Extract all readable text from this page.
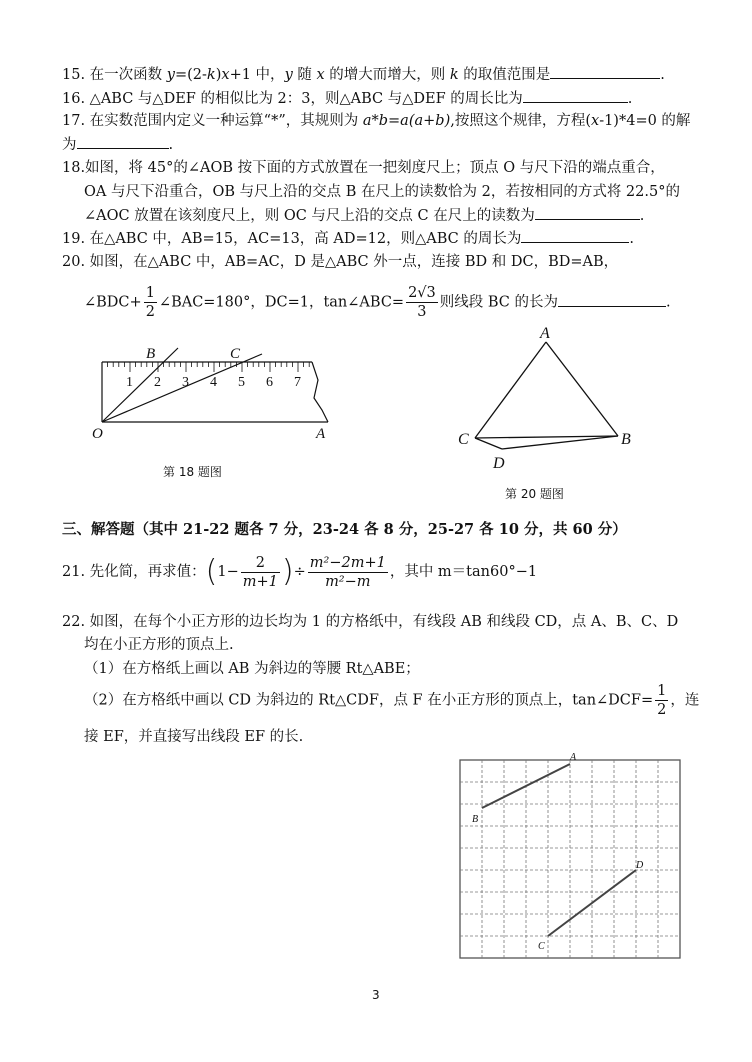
15. 在一次函数 y=(2-k)x+1 中，y 随 x 的增大而增大，则 k 的取值范围是	.
16. △ABC 与△DEF 的相似比为 2：3，则△ABC 与△DEF 的周长比为	.
17. 在实数范围内定义一种运算“*”，其规则为 a*b=a(a+b),按照这个规律，方程(x-1)*4=0 的解
为	.
18.如图，将 45°的∠AOB 按下面的方式放置在一把刻度尺上；顶点 O 与尺下沿的端点重合，
OA 与尺下沿重合，OB 与尺上沿的交点 B 在尺上的读数恰为 2，若按相同的方式将 22.5°的
∠AOC 放置在该刻度尺上，则 OC 与尺上沿的交点 C 在尺上的读数为	.
19. 在△ABC 中，AB=15，AC=13，高 AD=12，则△ABC 的周长为	.
20. 如图，在△ABC 中，AB=AC，D 是△ABC 外一点，连接 BD 和 DC，BD=AB，
∠BDC+ $\frac{1}{2}$ ∠BAC=180°，DC=1，tan∠ABC= $\frac{2√3}{3}$ 则线段 BC 的长为	.
1 2 3 4 5 6 7
B	C
O	A
第 18 题图
A
C	B
D
第 20 题图
三、解答题（其中 21-22 题各 7 分，23-24 各 8 分，25-27 各 10 分，共 60 分）
21. 先化简，再求值：($1- \frac{2}{m+1}$ )÷ $\frac{\text{m²−2m+1}}{\text{m²−m}}$ ，其中 m＝tan60°−1
22. 如图，在每个小正方形的边长均为 1 的方格纸中，有线段 AB 和线段 CD，点 A、B、C、D
均在小正方形的顶点上.
（1）在方格纸上画以 AB 为斜边的等腰 Rt△ABE；
（2）在方格纸中画以 CD 为斜边的 Rt△CDF，点 F 在小正方形的顶点上，tan∠DCF= $\frac{1}{2}$ ，连
接 EF，并直接写出线段 EF 的长.
A
B
C
D
3
